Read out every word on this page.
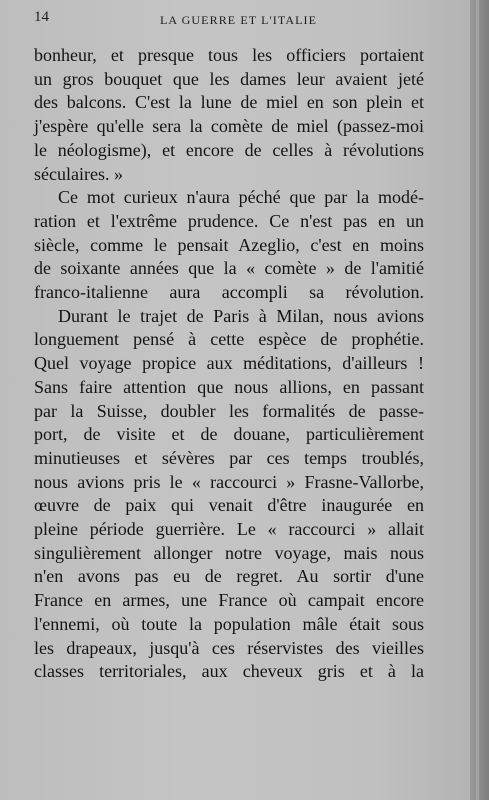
14	LA GUERRE ET L'ITALIE
bonheur, et presque tous les officiers portaient
un gros bouquet que les dames leur avaient jeté
des balcons. C'est la lune de miel en son plein et
j'espère qu'elle sera la comète de miel (passez-moi
le néologisme), et encore de celles à révolutions
séculaires. »
Ce mot curieux n'aura péché que par la modé-
ration et l'extrême prudence. Ce n'est pas en un
siècle, comme le pensait Azeglio, c'est en moins
de soixante années que la « comète » de l'amitié
franco-italienne aura accompli sa révolution.
Durant le trajet de Paris à Milan, nous avions
longuement pensé à cette espèce de prophétie.
Quel voyage propice aux méditations, d'ailleurs !
Sans faire attention que nous allions, en passant
par la Suisse, doubler les formalités de passe-
port, de visite et de douane, particulièrement
minutieuses et sévères par ces temps troublés,
nous avions pris le « raccourci » Frasne-Vallorbe,
œuvre de paix qui venait d'être inaugurée en
pleine période guerrière. Le « raccourci » allait
singulièrement allonger notre voyage, mais nous
n'en avons pas eu de regret. Au sortir d'une
France en armes, une France où campait encore
l'ennemi, où toute la population mâle était sous
les drapeaux, jusqu'à ces réservistes des vieilles
classes territoriales, aux cheveux gris et à la
